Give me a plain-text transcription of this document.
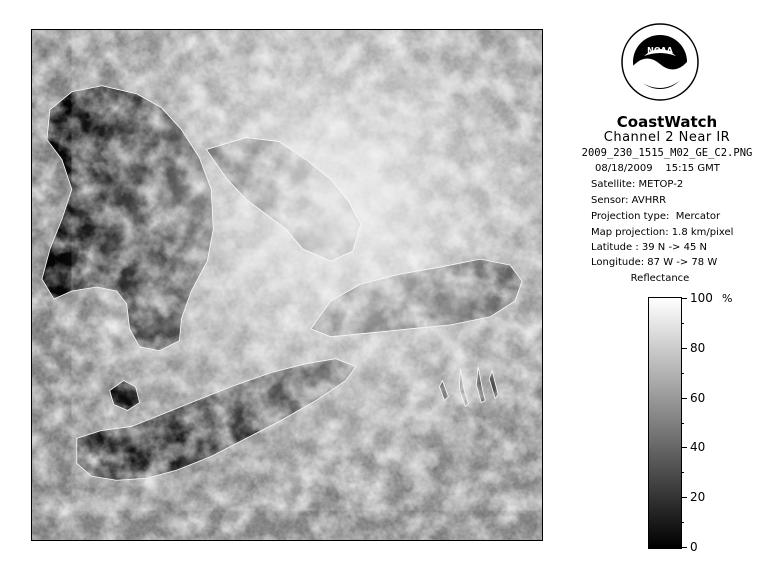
NOAA
CoastWatch
Channel 2 Near IR
2009_230_1515_M02_GE_C2.PNG
08/18/2009    15:15 GMT
Satellite: METOP-2
Sensor: AVHRR
Projection type:  Mercator
Map projection: 1.8 km/pixel
Latitude : 39 N -> 45 N
Longitude: 87 W -> 78 W
Reflectance
%
100
80
60
40
20
0
